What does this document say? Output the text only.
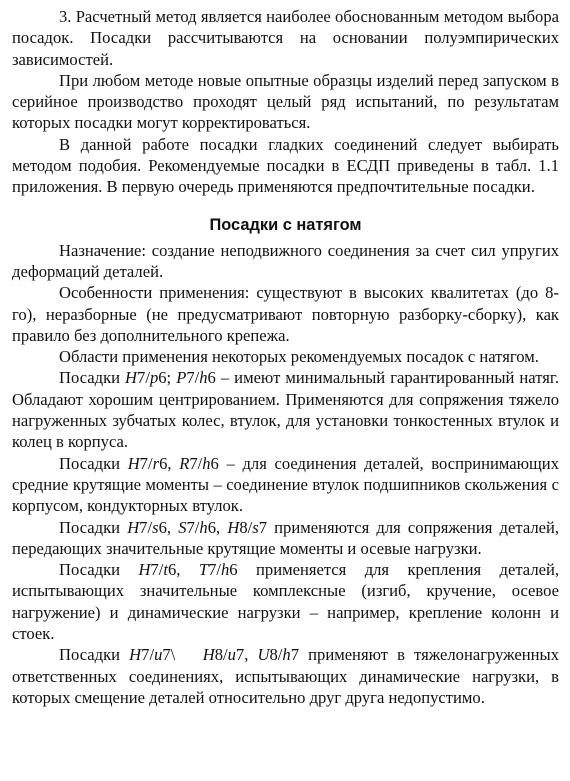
3. Расчетный метод является наиболее обоснованным методом выбора посадок. Посадки рассчитываются на основании полуэмпирических зависимостей.

При любом методе новые опытные образцы изделий перед запуском в серийное производство проходят целый ряд испытаний, по результатам которых посадки могут корректироваться.

В данной работе посадки гладких соединений следует выбирать методом подобия. Рекомендуемые посадки в ЕСДП приведены в табл. 1.1 приложения. В первую очередь применяются предпочтительные посадки.

Посадки с натягом

Назначение: создание неподвижного соединения за счет сил упругих деформаций деталей.

Особенности применения: существуют в высоких квалитетах (до 8-го), неразборные (не предусматривают повторную разборку-сборку), как правило без дополнительного крепежа.

Области применения некоторых рекомендуемых посадок с натягом.

Посадки H7/p6; P7/h6 – имеют минимальный гарантированный натяг. Обладают хорошим центрированием. Применяются для сопряжения тяжело нагруженных зубчатых колес, втулок, для установки тонкостенных втулок и колец в корпуса.

Посадки H7/r6, R7/h6 – для соединения деталей, воспринимающих средние крутящие моменты – соединение втулок подшипников скольжения с корпусом, кондукторных втулок.

Посадки H7/s6, S7/h6, H8/s7 применяются для сопряжения деталей, передающих значительные крутящие моменты и осевые нагрузки.

Посадки H7/t6, T7/h6 применяется для крепления деталей, испытывающих значительные комплексные (изгиб, кручение, осевое нагружение) и динамические нагрузки – например, крепление колонн и стоек.

Посадки H7/u7\ H8/u7, U8/h7 применяют в тяжелонагруженных ответственных соединениях, испытывающих динамические нагрузки, в которых смещение деталей относительно друг друга недопустимо.
